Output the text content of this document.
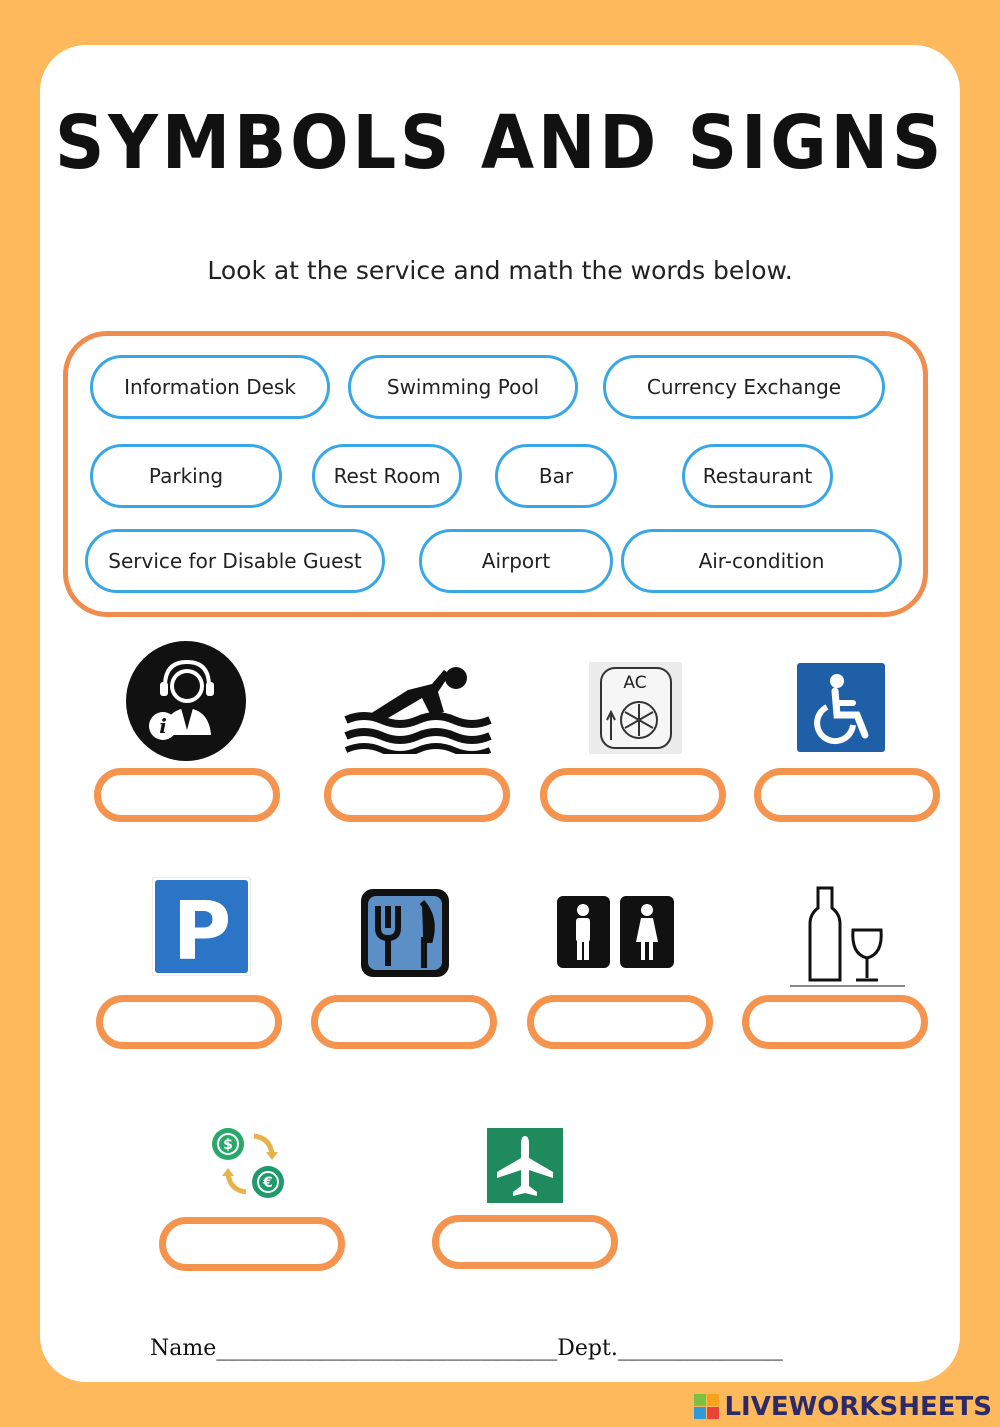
SYMBOLS AND SIGNS
Look at the service and math the words below.
Information Desk	Swimming Pool	Currency Exchange
Parking	Rest Room	Bar	Restaurant
Service for Disable Guest	Airport	Air-condition
i
AC
P
$
€
Name_______________________________Dept._______________
LIVEWORKSHEETS
